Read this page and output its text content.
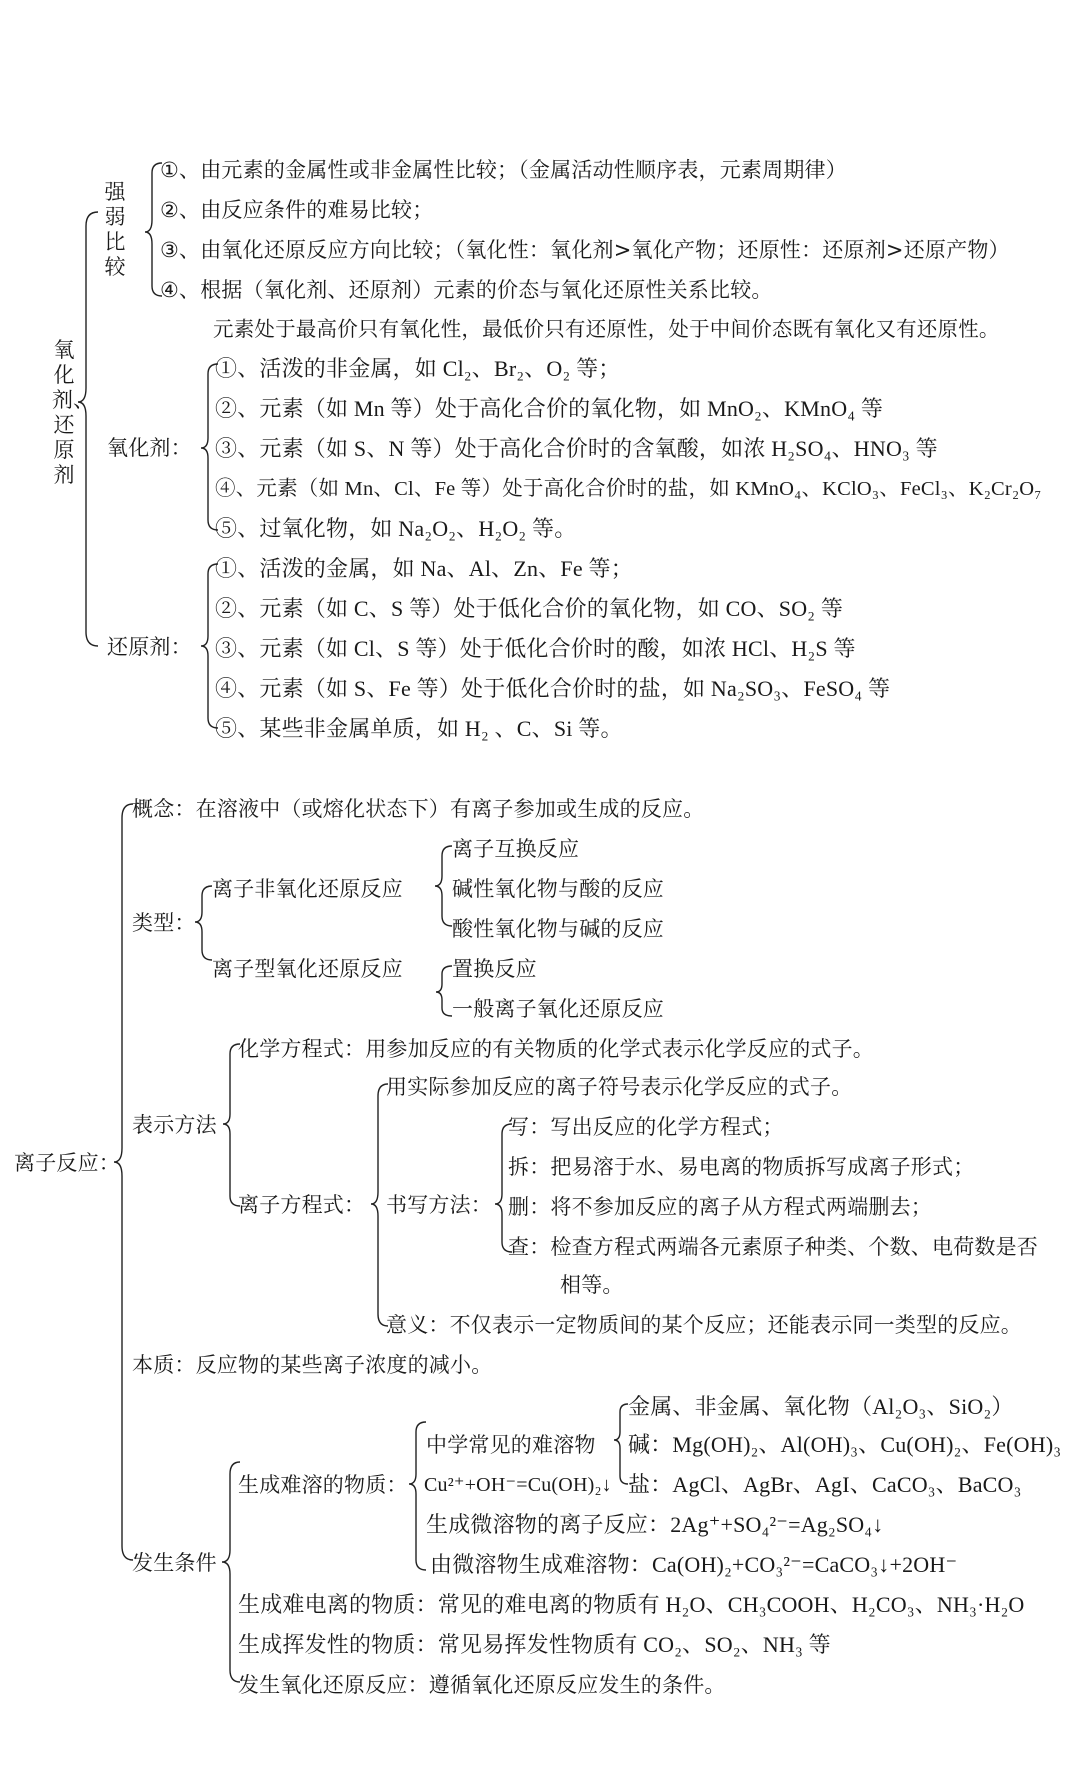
氧化剂、还原剂
强弱比较
①、由元素的金属性或非金属性比较；（金属活动性顺序表，元素周期律）
②、由反应条件的难易比较；
③、由氧化还原反应方向比较；（氧化性：氧化剂>氧化产物；还原性：还原剂>还原产物）
④、根据（氧化剂、还原剂）元素的价态与氧化还原性关系比较。
元素处于最高价只有氧化性，最低价只有还原性，处于中间价态既有氧化又有还原性。
氧化剂：
①、活泼的非金属，如 Cl₂、Br₂、O₂ 等；
②、元素（如 Mn 等）处于高化合价的氧化物，如 MnO₂、KMnO₄ 等
③、元素（如 S、N 等）处于高化合价时的含氧酸，如浓 H₂SO₄、HNO₃ 等
④、元素（如 Mn、Cl、Fe 等）处于高化合价时的盐，如 KMnO₄、KClO₃、FeCl₃、K₂Cr₂O₇
⑤、过氧化物，如 Na₂O₂、H₂O₂ 等。
还原剂：
①、活泼的金属，如 Na、Al、Zn、Fe 等；
②、元素（如 C、S 等）处于低化合价的氧化物，如 CO、SO₂ 等
③、元素（如 Cl、S 等）处于低化合价时的酸，如浓 HCl、H₂S 等
④、元素（如 S、Fe 等）处于低化合价时的盐，如 Na₂SO₃、FeSO₄ 等
⑤、某些非金属单质，如 H₂ 、C、Si 等。
离子反应：
概念：在溶液中（或熔化状态下）有离子参加或生成的反应。
类型：
离子非氧化还原反应
离子互换反应
碱性氧化物与酸的反应
酸性氧化物与碱的反应
离子型氧化还原反应 置换反应
一般离子氧化还原反应
表示方法
化学方程式：用参加反应的有关物质的化学式表示化学反应的式子。
离子方程式：
用实际参加反应的离子符号表示化学反应的式子。
书写方法：
写：写出反应的化学方程式；
拆：把易溶于水、易电离的物质拆写成离子形式；
删：将不参加反应的离子从方程式两端删去；
查：检查方程式两端各元素原子种类、个数、电荷数是否
相等。
意义：不仅表示一定物质间的某个反应；还能表示同一类型的反应。
本质：反应物的某些离子浓度的减小。
发生条件
生成难溶的物质：
中学常见的难溶物
金属、非金属、氧化物（Al₂O₃、SiO₂）
碱：Mg(OH)₂、Al(OH)₃、Cu(OH)₂、Fe(OH)₃
盐：AgCl、AgBr、AgI、CaCO₃、BaCO₃
Cu²⁺+OH⁻=Cu(OH)₂↓
生成微溶物的离子反应：2Ag⁺+SO₄²⁻=Ag₂SO₄↓
由微溶物生成难溶物：Ca(OH)₂+CO₃²⁻=CaCO₃↓+2OH⁻
生成难电离的物质：常见的难电离的物质有 H₂O、CH₃COOH、H₂CO₃、NH₃·H₂O
生成挥发性的物质：常见易挥发性物质有 CO₂、SO₂、NH₃ 等
发生氧化还原反应：遵循氧化还原反应发生的条件。
